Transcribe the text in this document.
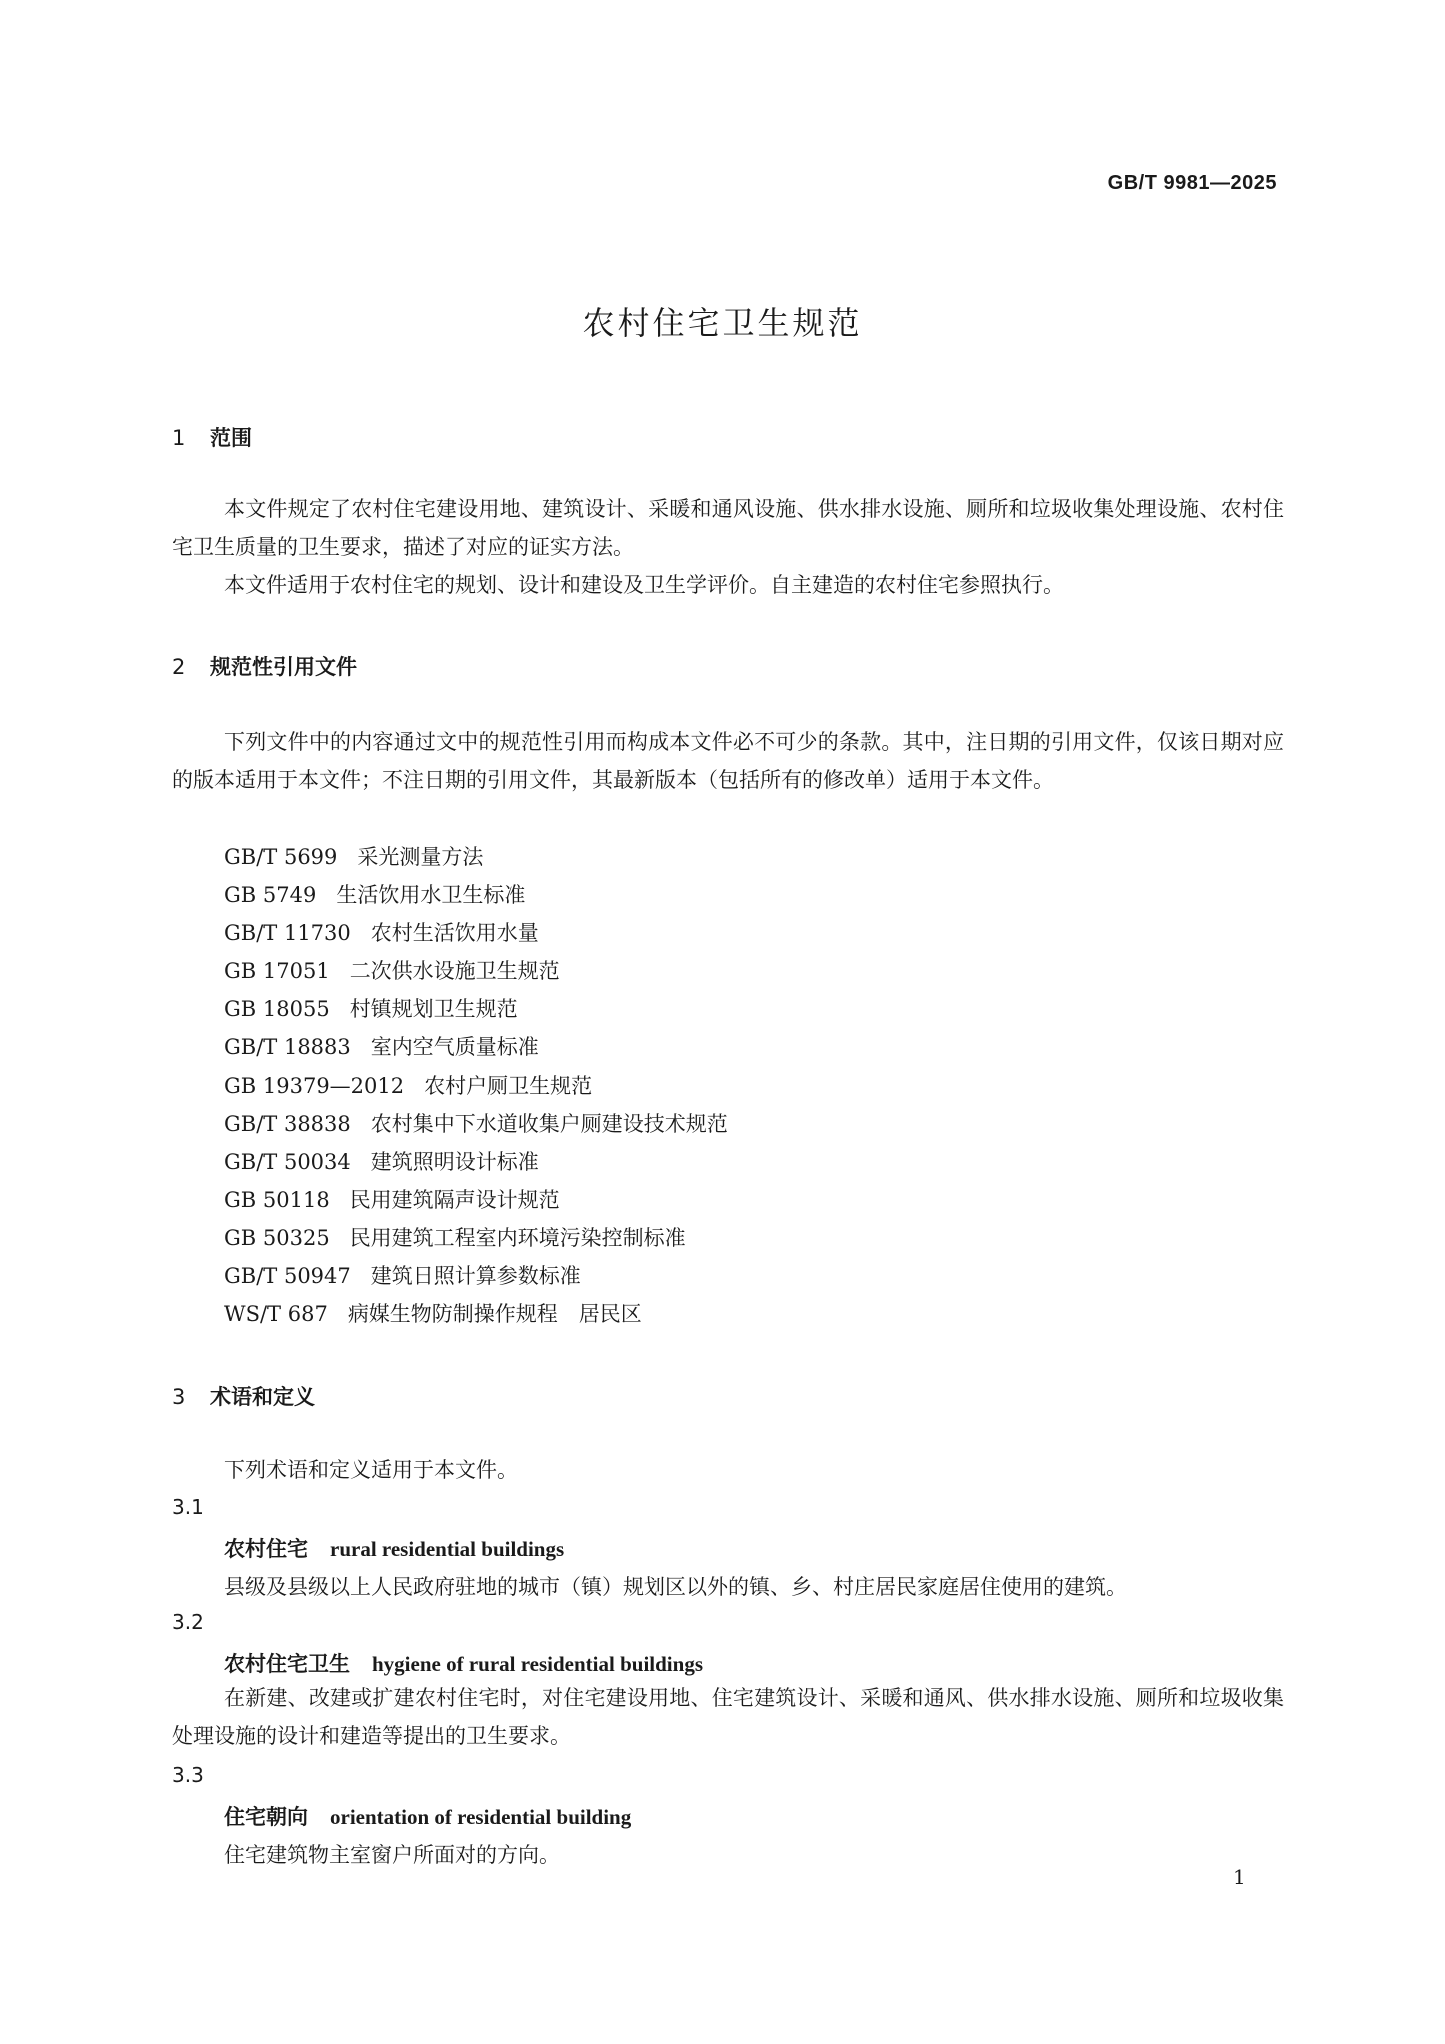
GB/T 9981—2025
农村住宅卫生规范
1 范围

本文件规定了农村住宅建设用地、建筑设计、采暖和通风设施、供水排水设施、厕所和垃圾收集处理设施、农村住宅卫生质量的卫生要求，描述了对应的证实方法。

本文件适用于农村住宅的规划、设计和建设及卫生学评价。自主建造的农村住宅参照执行。

2 规范性引用文件

下列文件中的内容通过文中的规范性引用而构成本文件必不可少的条款。其中，注日期的引用文件，仅该日期对应的版本适用于本文件；不注日期的引用文件，其最新版本（包括所有的修改单）适用于本文件。

GB/T 5699 采光测量方法
GB 5749 生活饮用水卫生标准
GB/T 11730 农村生活饮用水量
GB 17051 二次供水设施卫生规范
GB 18055 村镇规划卫生规范
GB/T 18883 室内空气质量标准
GB 19379—2012 农村户厕卫生规范
GB/T 38838 农村集中下水道收集户厕建设技术规范
GB/T 50034 建筑照明设计标准
GB 50118 民用建筑隔声设计规范
GB 50325 民用建筑工程室内环境污染控制标准
GB/T 50947 建筑日照计算参数标准
WS/T 687 病媒生物防制操作规程　居民区
3 术语和定义

下列术语和定义适用于本文件。

3.1
农村住宅 rural residential buildings
县级及县级以上人民政府驻地的城市（镇）规划区以外的镇、乡、村庄居民家庭居住使用的建筑。
3.2
农村住宅卫生 hygiene of rural residential buildings

在新建、改建或扩建农村住宅时，对住宅建设用地、住宅建筑设计、采暖和通风、供水排水设施、厕所和垃圾收集处理设施的设计和建造等提出的卫生要求。

3.3
住宅朝向 orientation of residential building
住宅建筑物主室窗户所面对的方向。
1
